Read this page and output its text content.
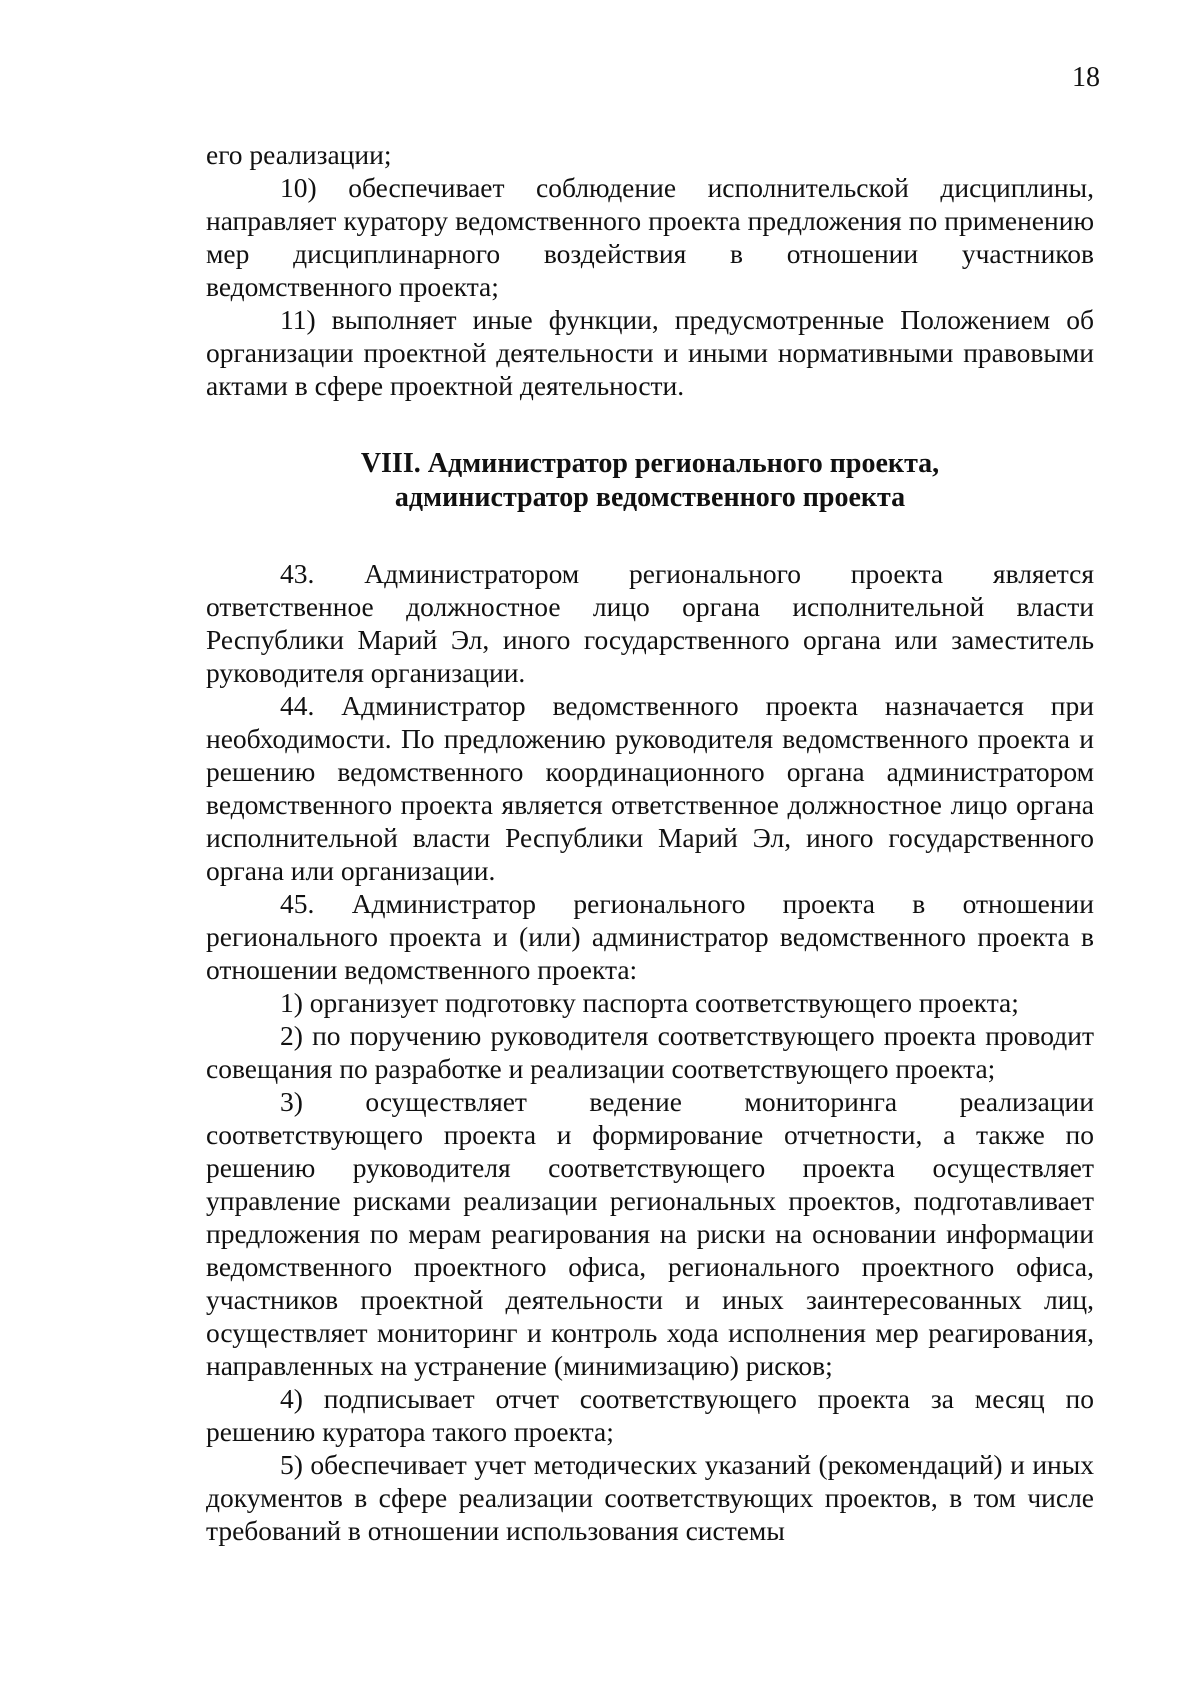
18

его реализации;

10) обеспечивает соблюдение исполнительской дисциплины, направляет куратору ведомственного проекта предложения по применению мер дисциплинарного воздействия в отношении участников ведомственного проекта;

11) выполняет иные функции, предусмотренные Положением об организации проектной деятельности и иными нормативными правовыми актами в сфере проектной деятельности.

VIII. Администратор регионального проекта,
администратор ведомственного проекта

43. Администратором регионального проекта является ответственное должностное лицо органа исполнительной власти Республики Марий Эл, иного государственного органа или заместитель руководителя организации.

44. Администратор ведомственного проекта назначается при необходимости. По предложению руководителя ведомственного проекта и решению ведомственного координационного органа администратором ведомственного проекта является ответственное должностное лицо органа исполнительной власти Республики Марий Эл, иного государственного органа или организации.

45. Администратор регионального проекта в отношении регионального проекта и (или) администратор ведомственного проекта в отношении ведомственного проекта:

1) организует подготовку паспорта соответствующего проекта;

2) по поручению руководителя соответствующего проекта проводит совещания по разработке и реализации соответствующего проекта;

3) осуществляет ведение мониторинга реализации соответствующего проекта и формирование отчетности, а также по решению руководителя соответствующего проекта осуществляет управление рисками реализации региональных проектов, подготавливает предложения по мерам реагирования на риски на основании информации ведомственного проектного офиса, регионального проектного офиса, участников проектной деятельности и иных заинтересованных лиц, осуществляет мониторинг и контроль хода исполнения мер реагирования, направленных на устранение (минимизацию) рисков;

4) подписывает отчет соответствующего проекта за месяц по решению куратора такого проекта;

5) обеспечивает учет методических указаний (рекомендаций) и иных документов в сфере реализации соответствующих проектов, в том числе требований в отношении использования системы
